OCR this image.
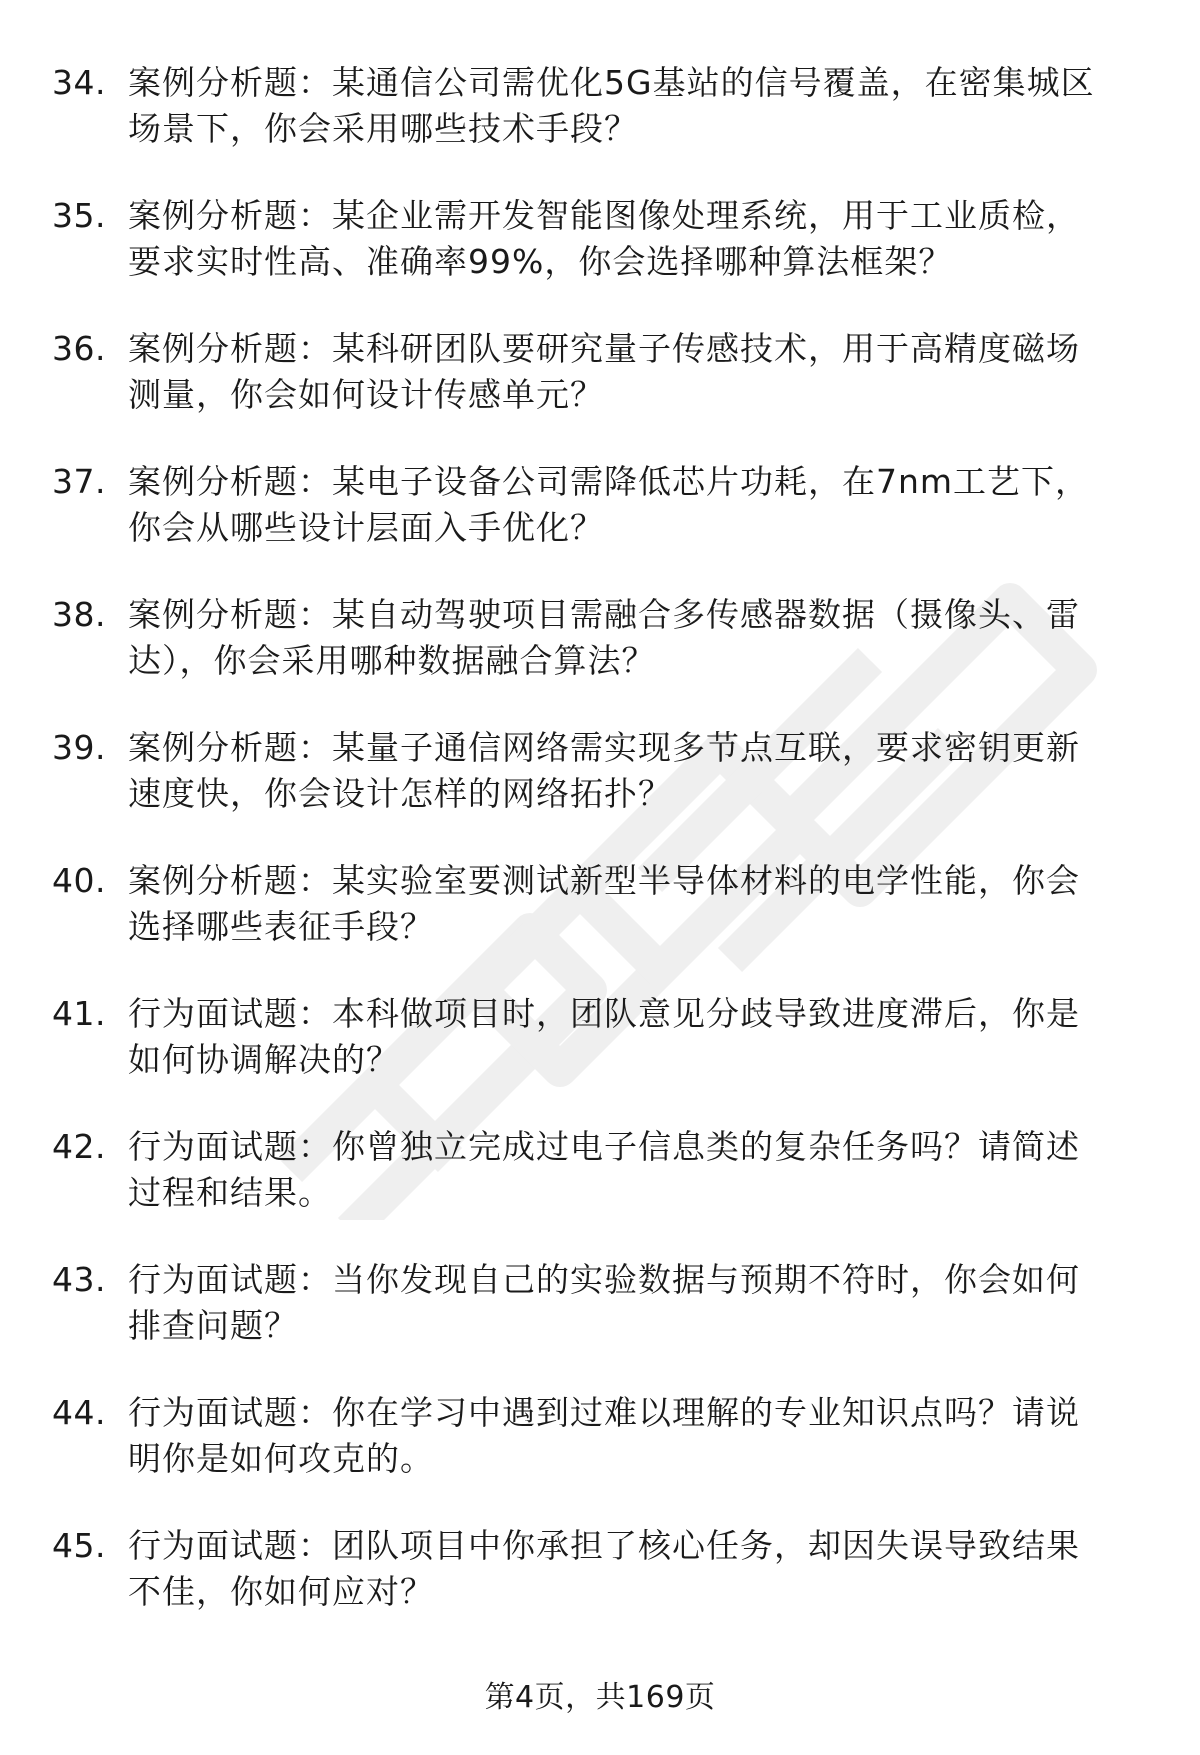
34. 案例分析题：某通信公司需优化5G基站的信号覆盖，在密集城区
场景下，你会采用哪些技术手段？
35. 案例分析题：某企业需开发智能图像处理系统，用于工业质检，
要求实时性高、准确率99%，你会选择哪种算法框架？
36. 案例分析题：某科研团队要研究量子传感技术，用于高精度磁场
测量，你会如何设计传感单元？
37. 案例分析题：某电子设备公司需降低芯片功耗，在7nm工艺下，
你会从哪些设计层面入手优化？
38. 案例分析题：某自动驾驶项目需融合多传感器数据（摄像头、雷
达），你会采用哪种数据融合算法？
39. 案例分析题：某量子通信网络需实现多节点互联，要求密钥更新
速度快，你会设计怎样的网络拓扑？
40. 案例分析题：某实验室要测试新型半导体材料的电学性能，你会
选择哪些表征手段？
41. 行为面试题：本科做项目时，团队意见分歧导致进度滞后，你是
如何协调解决的？
42. 行为面试题：你曾独立完成过电子信息类的复杂任务吗？请简述
过程和结果。
43. 行为面试题：当你发现自己的实验数据与预期不符时，你会如何
排查问题？
44. 行为面试题：你在学习中遇到过难以理解的专业知识点吗？请说
明你是如何攻克的。
45. 行为面试题：团队项目中你承担了核心任务，却因失误导致结果
不佳，你如何应对？
第4页，共169页
